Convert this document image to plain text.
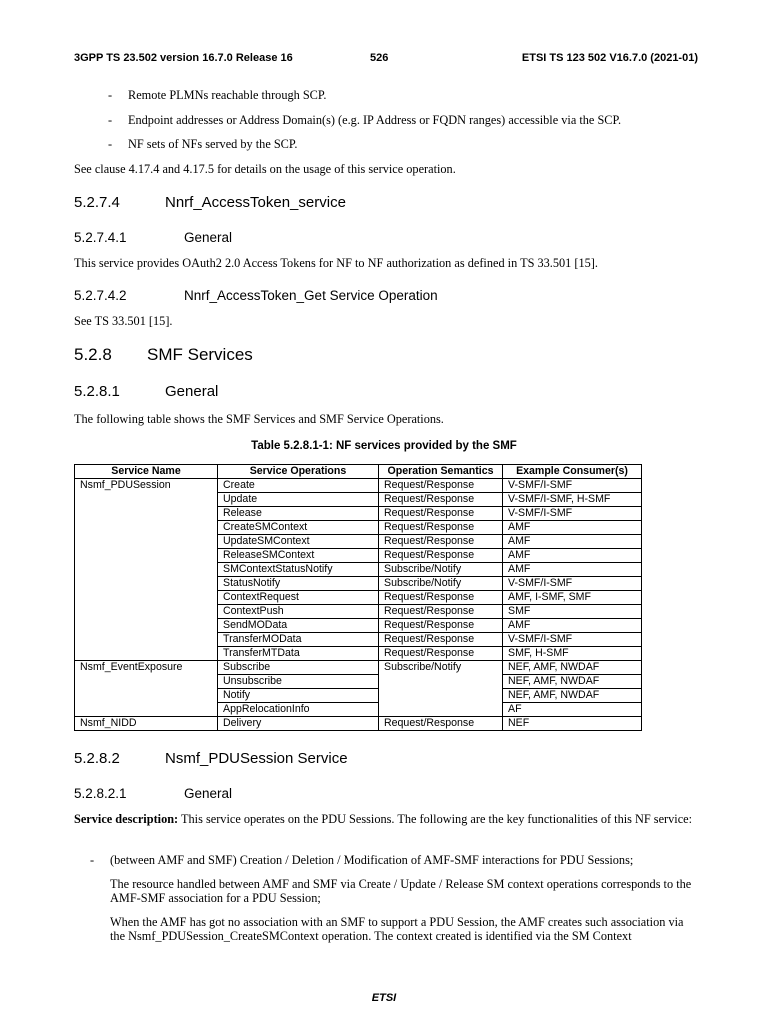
3GPP TS 23.502 version 16.7.0 Release 16	526	ETSI TS 123 502 V16.7.0 (2021-01)
- Remote PLMNs reachable through SCP.
- Endpoint addresses or Address Domain(s) (e.g. IP Address or FQDN ranges) accessible via the SCP.
- NF sets of NFs served by the SCP.
See clause 4.17.4 and 4.17.5 for details on the usage of this service operation.
5.2.7.4	Nnrf_AccessToken_service
5.2.7.4.1	General
This service provides OAuth2 2.0 Access Tokens for NF to NF authorization as defined in TS 33.501 [15].
5.2.7.4.2	Nnrf_AccessToken_Get Service Operation
See TS 33.501 [15].
5.2.8 SMF Services
5.2.8.1	General
The following table shows the SMF Services and SMF Service Operations.
Table 5.2.8.1-1: NF services provided by the SMF
Service Name	Service Operations	Operation Semantics	Example Consumer(s)
Nsmf_PDUSession	Create	Request/Response	V-SMF/I-SMF
	Update	Request/Response	V-SMF/I-SMF, H-SMF
	Release	Request/Response	V-SMF/I-SMF
	CreateSMContext	Request/Response	AMF
	UpdateSMContext	Request/Response	AMF
	ReleaseSMContext	Request/Response	AMF
	SMContextStatusNotify	Subscribe/Notify	AMF
	StatusNotify	Subscribe/Notify	V-SMF/I-SMF
	ContextRequest	Request/Response	AMF, I-SMF, SMF
	ContextPush	Request/Response	SMF
	SendMOData	Request/Response	AMF
	TransferMOData	Request/Response	V-SMF/I-SMF
	TransferMTData	Request/Response	SMF, H-SMF
Nsmf_EventExposure	Subscribe	Subscribe/Notify	NEF, AMF, NWDAF
	Unsubscribe		NEF, AMF, NWDAF
	Notify		NEF, AMF, NWDAF
	AppRelocationInfo		AF
Nsmf_NIDD	Delivery	Request/Response	NEF
5.2.8.2	Nsmf_PDUSession Service
5.2.8.2.1	General
Service description: This service operates on the PDU Sessions. The following are the key functionalities of this NF service:
- (between AMF and SMF) Creation / Deletion / Modification of AMF-SMF interactions for PDU Sessions;
The resource handled between AMF and SMF via Create / Update / Release SM context operations corresponds to the AMF-SMF association for a PDU Session;
When the AMF has got no association with an SMF to support a PDU Session, the AMF creates such association via the Nsmf_PDUSession_CreateSMContext operation. The context created is identified via the SM Context
ETSI
